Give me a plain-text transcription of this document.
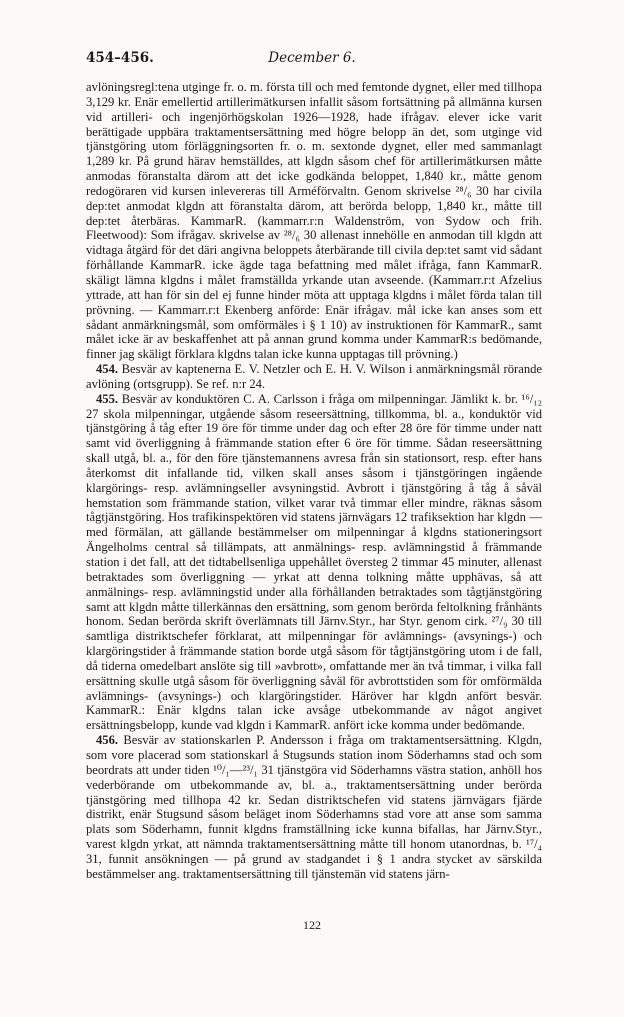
454–456.	December 6.

avlöningsregl:tena utginge fr. o. m. första till och med femtonde dygnet, eller med tillhopa 3,129 kr. Enär emellertid artillerimätkursen infallit såsom fortsättning på allmänna kursen vid artilleri- och ingenjörhögskolan 1926—1928, hade ifrågav. elever icke varit berättigade uppbära traktamentsersättning med högre belopp än det, som utginge vid tjänstgöring utom förläggningsorten fr. o. m. sextonde dygnet, eller med sammanlagt 1,289 kr. På grund härav hemställdes, att klgdn såsom chef för artillerimätkursen måtte anmodas föranstalta därom att det icke godkända beloppet, 1,840 kr., måtte genom redogöraren vid kursen inlevereras till Arméförvaltn. Genom skrivelse ²⁸/₆ 30 har civila dep:tet anmodat klgdn att föranstalta därom, att berörda belopp, 1,840 kr., måtte till dep:tet återbäras. KammarR. (kammarr.r:n Waldenström, von Sydow och frih. Fleetwood): Som ifrågav. skrivelse av ²⁸/₆ 30 allenast innehölle en anmodan till klgdn att vidtaga åtgärd för det däri angivna beloppets återbärande till civila dep:tet samt vid sådant förhållande KammarR. icke ägde taga befattning med målet ifråga, fann KammarR. skäligt lämna klgdns i målet framställda yrkande utan avseende. (Kammarr.r:t Afzelius yttrade, att han för sin del ej funne hinder möta att upptaga klgdns i målet förda talan till prövning. — Kammarr.r:t Ekenberg anförde: Enär ifrågav. mål icke kan anses som ett sådant anmärkningsmål, som omförmäles i § 1 10) av instruktionen för KammarR., samt målet icke är av beskaffenhet att på annan grund komma under KammarR:s bedömande, finner jag skäligt förklara klgdns talan icke kunna upptagas till prövning.)

454. Besvär av kaptenerna E. V. Netzler och E. H. V. Wilson i anmärkningsmål rörande avlöning (ortsgrupp). Se ref. n:r 24.

455. Besvär av konduktören C. A. Carlsson i fråga om milpenningar. Jämlikt k. br. ¹⁶/₁₂ 27 skola milpenningar, utgående såsom reseersättning, tillkomma, bl. a., konduktör vid tjänstgöring å tåg efter 19 öre för timme under dag och efter 28 öre för timme under natt samt vid överliggning å främmande station efter 6 öre för timme. Sådan reseersättning skall utgå, bl. a., för den före tjänstemannens avresa från sin stationsort, resp. efter hans återkomst dit infallande tid, vilken skall anses såsom i tjänstgöringen ingående klargörings- resp. avlämningseller avsyningstid. Avbrott i tjänstgöring å tåg å såväl hemstation som främmande station, vilket varar två timmar eller mindre, räknas såsom tågtjänstgöring. Hos trafikinspektören vid statens järnvägars 12 trafiksektion har klgdn — med förmälan, att gällande bestämmelser om milpenningar å klgdns stationeringsort Ängelholms central så tillämpats, att anmälnings- resp. avlämningstid å främmande station i det fall, att det tidtabellsenliga uppehållet översteg 2 timmar 45 minuter, allenast betraktades som överliggning — yrkat att denna tolkning måtte upphävas, så att anmälnings- resp. avlämningstid under alla förhållanden betraktades som tågtjänstgöring samt att klgdn måtte tillerkännas den ersättning, som genom berörda feltolkning frånhänts honom. Sedan berörda skrift överlämnats till Järnv.Styr., har Styr. genom cirk. ²⁷/₉ 30 till samtliga distriktschefer förklarat, att milpenningar för avlämnings- (avsynings-) och klargöringstider å främmande station borde utgå såsom för tågtjänstgöring utom i de fall, då tiderna omedelbart anslöte sig till »avbrott», omfattande mer än två timmar, i vilka fall ersättning skulle utgå såsom för överliggning såväl för avbrottstiden som för omförmälda avlämnings- (avsynings-) och klargöringstider. Häröver har klgdn anfört besvär. KammarR.: Enär klgdns talan icke avsåge utbekommande av något angivet ersättningsbelopp, kunde vad klgdn i KammarR. anfört icke komma under bedömande.

456. Besvär av stationskarlen P. Andersson i fråga om traktamentsersättning. Klgdn, som vore placerad som stationskarl å Stugsunds station inom Söderhamns stad och som beordrats att under tiden ¹⁰/₁—²³/₁ 31 tjänstgöra vid Söderhamns västra station, anhöll hos vederbörande om utbekommande av, bl. a., traktamentsersättning under berörda tjänstgöring med tillhopa 42 kr. Sedan distriktschefen vid statens järnvägars fjärde distrikt, enär Stugsund såsom beläget inom Söderhamns stad vore att anse som samma plats som Söderhamn, funnit klgdns framställning icke kunna bifallas, har Järnv.Styr., varest klgdn yrkat, att nämnda traktamentsersättning måtte till honom utanordnas, b. ¹⁷/₄ 31, funnit ansökningen — på grund av stadgandet i § 1 andra stycket av särskilda bestämmelser ang. traktamentsersättning till tjänstemän vid statens järn-

122
